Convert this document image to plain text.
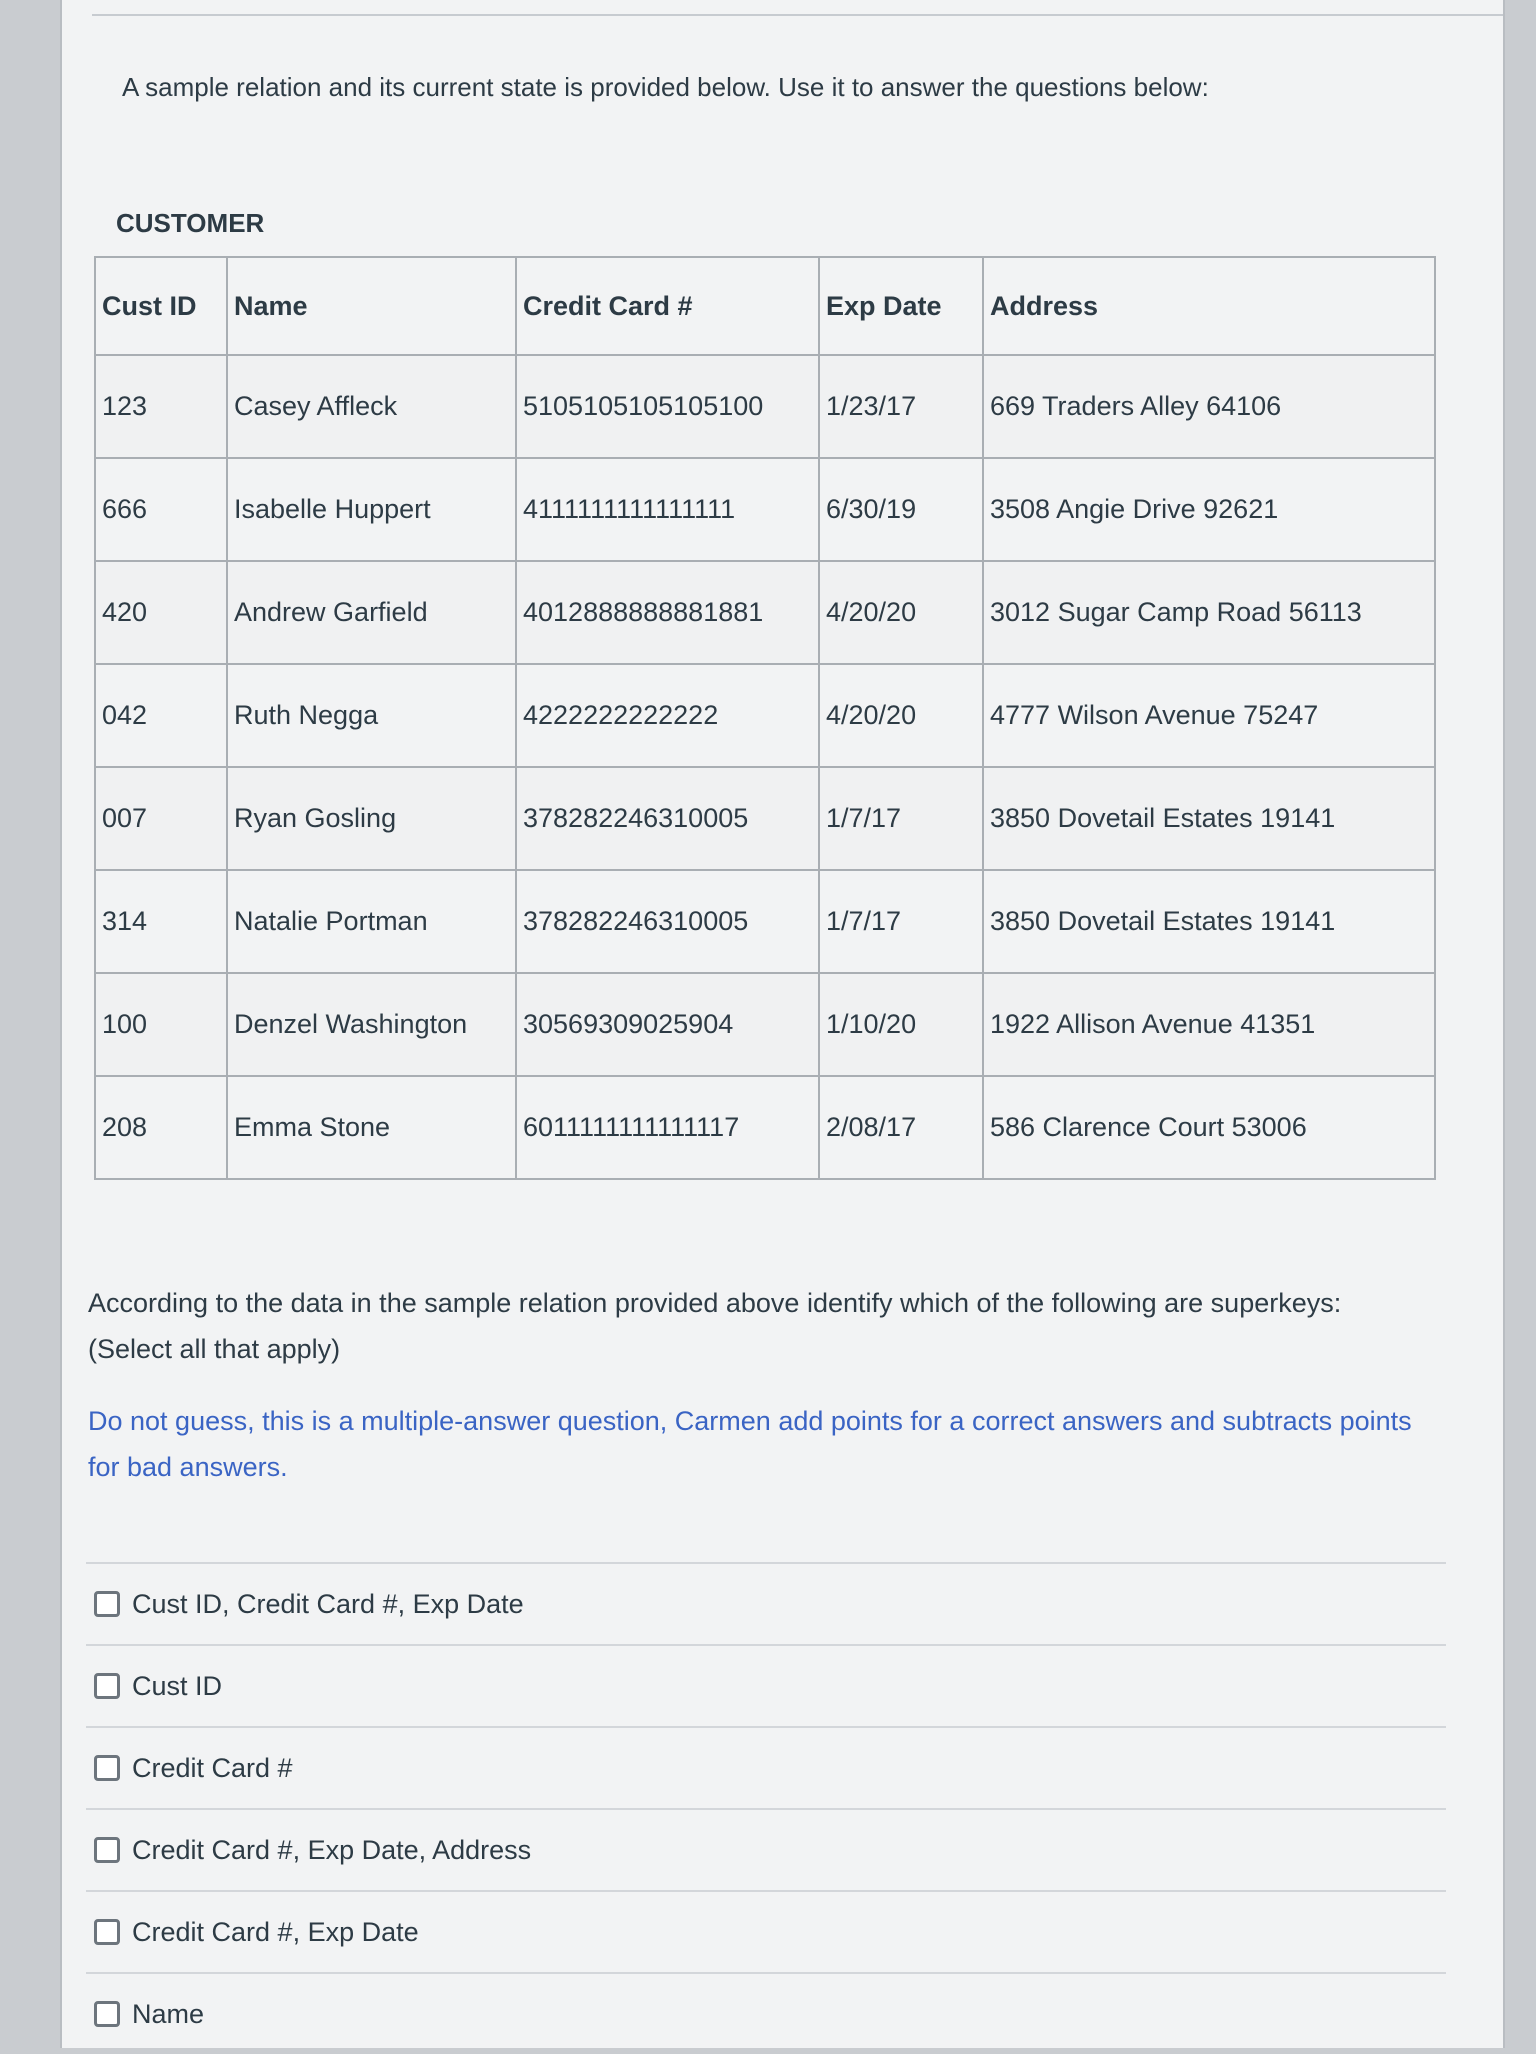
A sample relation and its current state is provided below. Use it to answer the questions below:
CUSTOMER
Cust ID	Name	Credit Card #	Exp Date	Address
123	Casey Affleck	5105105105105100	1/23/17	669 Traders Alley 64106
666	Isabelle Huppert	4111111111111111	6/30/19	3508 Angie Drive 92621
420	Andrew Garfield	4012888888881881	4/20/20	3012 Sugar Camp Road 56113
042	Ruth Negga	4222222222222	4/20/20	4777 Wilson Avenue 75247
007	Ryan Gosling	378282246310005	1/7/17	3850 Dovetail Estates 19141
314	Natalie Portman	378282246310005	1/7/17	3850 Dovetail Estates 19141
100	Denzel Washington	30569309025904	1/10/20	1922 Allison Avenue 41351
208	Emma Stone	6011111111111117	2/08/17	586 Clarence Court 53006
According to the data in the sample relation provided above identify which of the following are superkeys: (Select all that apply)
Do not guess, this is a multiple-answer question, Carmen add points for a correct answers and subtracts points for bad answers.
Cust ID, Credit Card #, Exp Date
Cust ID
Credit Card #
Credit Card #, Exp Date, Address
Credit Card #, Exp Date
Name
